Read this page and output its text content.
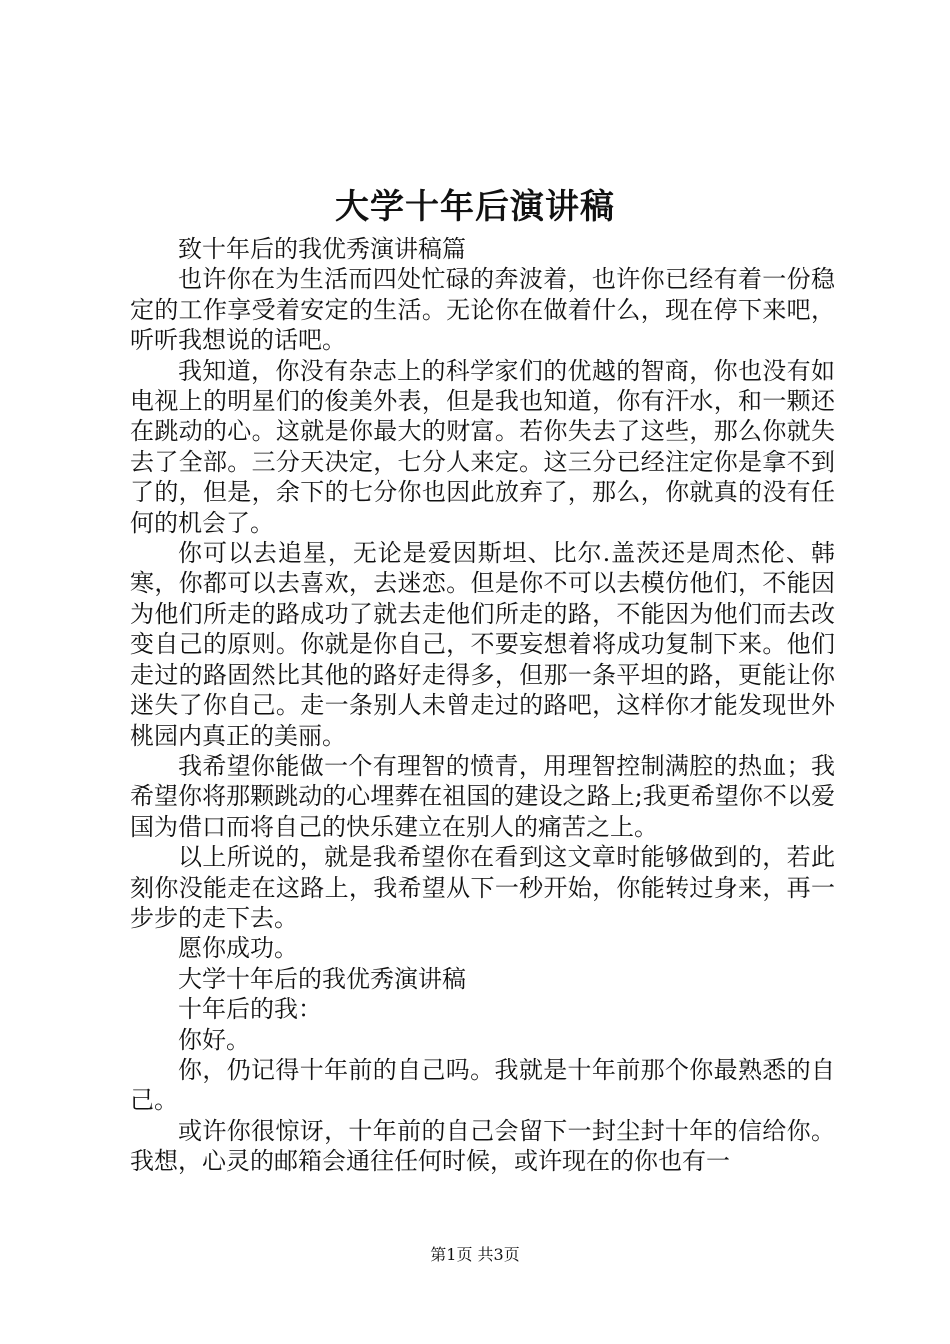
大学十年后演讲稿

致十年后的我优秀演讲稿篇

也许你在为生活而四处忙碌的奔波着，也许你已经有着一份稳定的工作享受着安定的生活。无论你在做着什么，现在停下来吧，听听我想说的话吧。

我知道，你没有杂志上的科学家们的优越的智商，你也没有如电视上的明星们的俊美外表，但是我也知道，你有汗水，和一颗还在跳动的心。这就是你最大的财富。若你失去了这些，那么你就失去了全部。三分天决定，七分人来定。这三分已经注定你是拿不到了的，但是，余下的七分你也因此放弃了，那么，你就真的没有任何的机会了。

你可以去追星，无论是爱因斯坦、比尔.盖茨还是周杰伦、韩寒，你都可以去喜欢，去迷恋。但是你不可以去模仿他们，不能因为他们所走的路成功了就去走他们所走的路，不能因为他们而去改变自己的原则。你就是你自己，不要妄想着将成功复制下来。他们走过的路固然比其他的路好走得多，但那一条平坦的路，更能让你迷失了你自己。走一条别人未曾走过的路吧，这样你才能发现世外桃园内真正的美丽。

我希望你能做一个有理智的愤青，用理智控制满腔的热血；我希望你将那颗跳动的心埋葬在祖国的建设之路上;我更希望你不以爱国为借口而将自己的快乐建立在别人的痛苦之上。

以上所说的，就是我希望你在看到这文章时能够做到的，若此刻你没能走在这路上，我希望从下一秒开始，你能转过身来，再一步步的走下去。

愿你成功。

大学十年后的我优秀演讲稿

十年后的我：

你好。

你，仍记得十年前的自己吗。我就是十年前那个你最熟悉的自己。

或许你很惊讶，十年前的自己会留下一封尘封十年的信给你。我想，心灵的邮箱会通往任何时候，或许现在的你也有一

第1页 共3页
